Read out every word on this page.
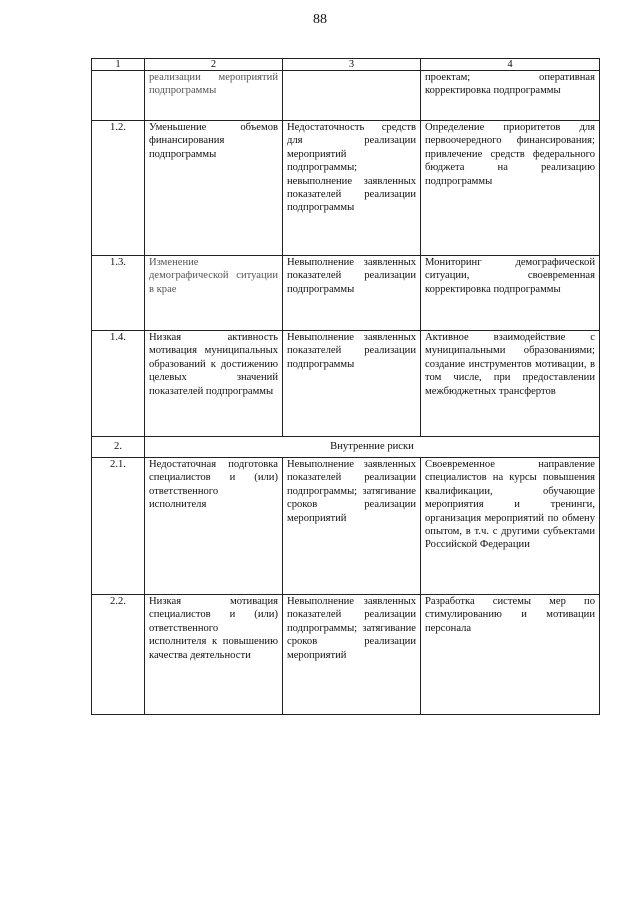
88
1	2	3	4
	реализации мероприятий подпрограммы		проектам; оперативная корректировка подпрограммы
1.2.	Уменьшение объемов финансирования подпрограммы	Недостаточность средств для реализации мероприятий подпрограммы; невыполнение заявленных показателей реализации подпрограммы	Определение приоритетов для первоочередного финансирования; привлечение средств федерального бюджета на реализацию подпрограммы
1.3.	Изменение демографической ситуации в крае	Невыполнение заявленных показателей реализации подпрограммы	Мониторинг демографической ситуации, своевременная корректировка подпрограммы
1.4.	Низкая активность мотивация муниципальных образований к достижению целевых значений показателей подпрограммы	Невыполнение заявленных показателей реализации подпрограммы	Активное взаимодействие с муниципальными образованиями; создание инструментов мотивации, в том числе, при предоставлении межбюджетных трансфертов
2.	Внутренние риски		
2.1.	Недостаточная подготовка специалистов и (или) ответственного исполнителя	Невыполнение заявленных показателей реализации подпрограммы; затягивание сроков реализации мероприятий	Своевременное направление специалистов на курсы повышения квалификации, обучающие мероприятия и тренинги, организация мероприятий по обмену опытом, в т.ч. с другими субъектами Российской Федерации
2.2.	Низкая мотивация специалистов и (или) ответственного исполнителя к повышению качества деятельности	Невыполнение заявленных показателей реализации подпрограммы; затягивание сроков реализации мероприятий	Разработка системы мер по стимулированию и мотивации персонала
